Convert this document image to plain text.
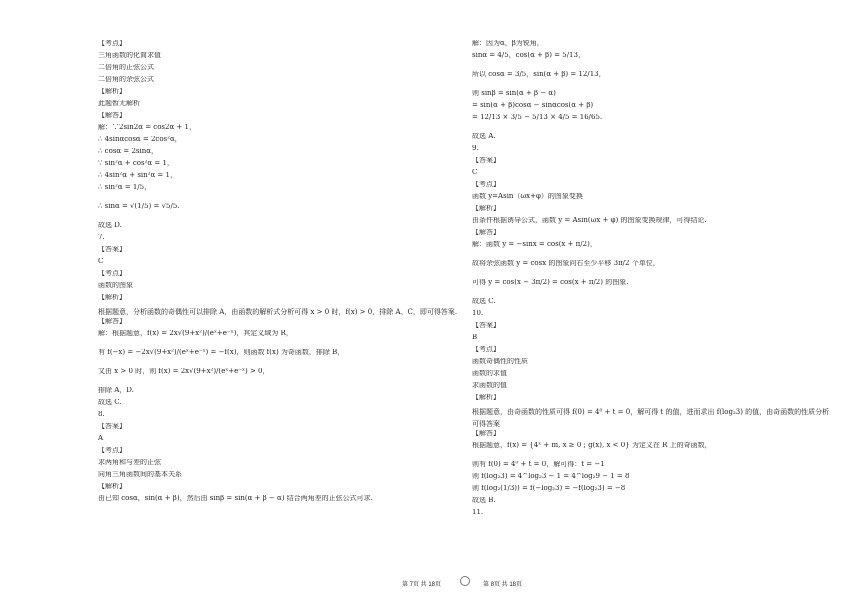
【考点】
三角函数的化简求值
二倍角的正弦公式
二倍角的余弦公式
【解析】
此题暂无解析
【解答】
解：∵2sin2α = cos2α + 1，
∴ 4sinαcosα = 2cos²α，
∴ cosα = 2sinα，
∵ sin²α + cos²α = 1，
∴ 4sin²α + sin²α = 1，
∴ sin²α = 1/5，
∴ sinα = √(1/5) = √5/5.
故选 D.
7.
【答案】
C
【考点】
函数的图象
【解析】
根据题意，分析函数的奇偶性可以排除 A，由函数的解析式分析可得 x > 0 时，f(x) > 0，排除 A、C，即可得答案.
【解答】
解：根据题意，f(x) = 2x√(9+x²)/(eˣ+e⁻ˣ)，其定义域为 R，
有 f(−x) = −2x√(9+x²)/(eˣ+e⁻ˣ) = −f(x)，则函数 f(x) 为奇函数，排除 B，
又由 x > 0 时，则 f(x) = 2x√(9+x²)/(eˣ+e⁻ˣ) > 0，
排除 A，D.
故选 C.
8.
【答案】
A
【考点】
求两角和与差的正弦
同角三角函数间的基本关系
【解析】
由已知 cosα，sin(α + β)，然后由 sinβ = sin(α + β − α) 结合两角差的正弦公式可求.
解：因为α，β为锐角，
sinα = 4/5，cos(α + β) = 5/13，
所以 cosα = 3/5，sin(α + β) = 12/13，
则 sinβ = sin(α + β − α)
= sin(α + β)cosα − sinαcos(α + β)
= 12/13 × 3/5 − 5/13 × 4/5 = 16/65.
故选 A.
9.
【答案】
C
【考点】
函数 y=Asin（ωx+φ）的图象变换
【解析】
由条件根据诱导公式，函数 y = Asin(ωx + φ) 的图象变换规律，可得结论.
【解答】
解：函数 y = −sinx = cos(x + π/2)，
故将余弦函数 y = cosx 的图象向右至少平移 3π/2 个单位，
可得 y = cos(x − 3π/2) = cos(x + π/2) 的图象.
故选 C.
10.
【答案】
B
【考点】
函数奇偶性的性质
函数的求值
求函数的值
【解析】
根据题意，由奇函数的性质可得 f(0) = 4⁰ + t = 0，解可得 t 的值，进而求出 f(log₂3) 的值，由奇函数的性质分析可得答案
【解答】
根据题意，f(x) = {4ˣ + m, x ≥ 0 ; g(x), x < 0} 为定义在 R 上的奇函数，
则有 f(0) = 4⁰ + t = 0，解可得：t = −1
则 f(log₂3) = 4^log₂3 − 1 = 4^log₂9 − 1 = 8
则 f(log₂(1/3)) = f(−log₂3) = −f(log₂3) = −8
故选 B.
11.
第 7页 共 18页	第 8页 共 18页
